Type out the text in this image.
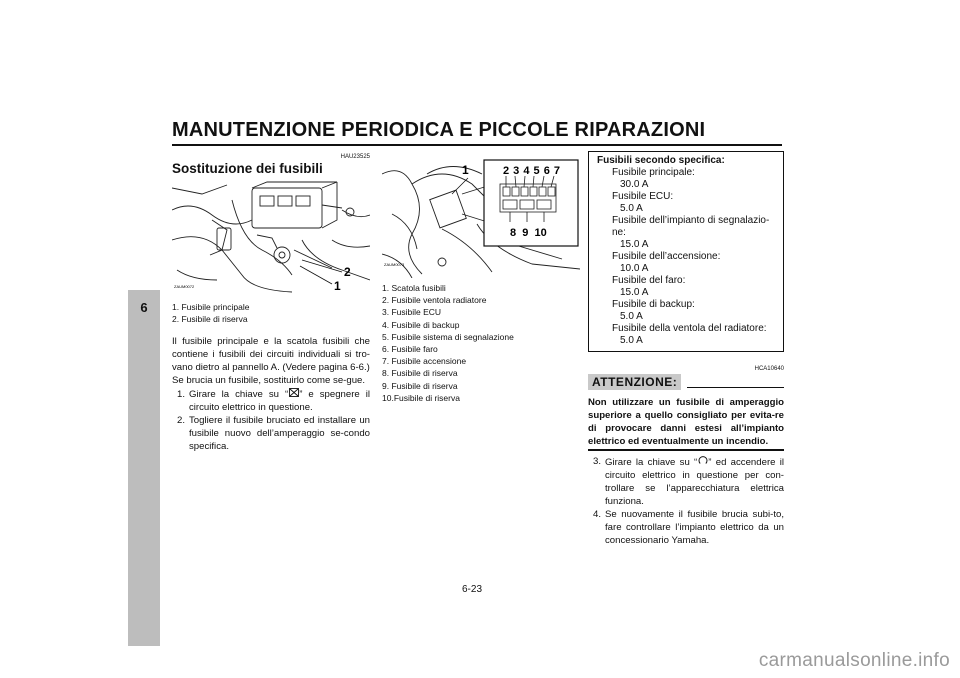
MANUTENZIONE PERIODICA E PICCOLE RIPARAZIONI
6
HAU23525
Sostituzione dei fusibili
ZAUM0072
2
1
1. Fusibile principale
2. Fusibile di riserva

Il fusibile principale e la scatola fusibili che contiene i fusibili dei circuiti individuali si tro-vano dietro al pannello A. (Vedere pagina 6-6.)

Se brucia un fusibile, sostituirlo come se-gue.

1. Girare la chiave su “ ” e spegnere il circuito elettrico in questione.
2. Togliere il fusibile bruciato ed installare un fusibile nuovo dell’amperaggio se-condo specifica.
2 3 4 5 6 7
8  9  10
1
ZAUM0073
1. Scatola fusibili
2. Fusibile ventola radiatore
3. Fusibile ECU
4. Fusibile di backup
5. Fusibile sistema di segnalazione
6. Fusibile faro
7. Fusibile accensione
8. Fusibile di riserva
9. Fusibile di riserva
10.Fusibile di riserva
Fusibili secondo specifica:
Fusibile principale:
30.0 A
Fusibile ECU:
5.0 A
Fusibile dell’impianto di segnalazio-ne:
15.0 A
Fusibile dell’accensione:
10.0 A
Fusibile del faro:
15.0 A
Fusibile di backup:
5.0 A
Fusibile della ventola del radiatore:
5.0 A
HCA10640
ATTENZIONE:
Non utilizzare un fusibile di amperaggio superiore a quello consigliato per evita-re di provocare danni estesi all’impianto elettrico ed eventualmente un incendio.
3. Girare la chiave su “ ” ed accendere il circuito elettrico in questione per con-trollare se l’apparecchiatura elettrica funziona.
4. Se nuovamente il fusibile brucia subi-to, fare controllare l’impianto elettrico da un concessionario Yamaha.
6-23
carmanualsonline.info
